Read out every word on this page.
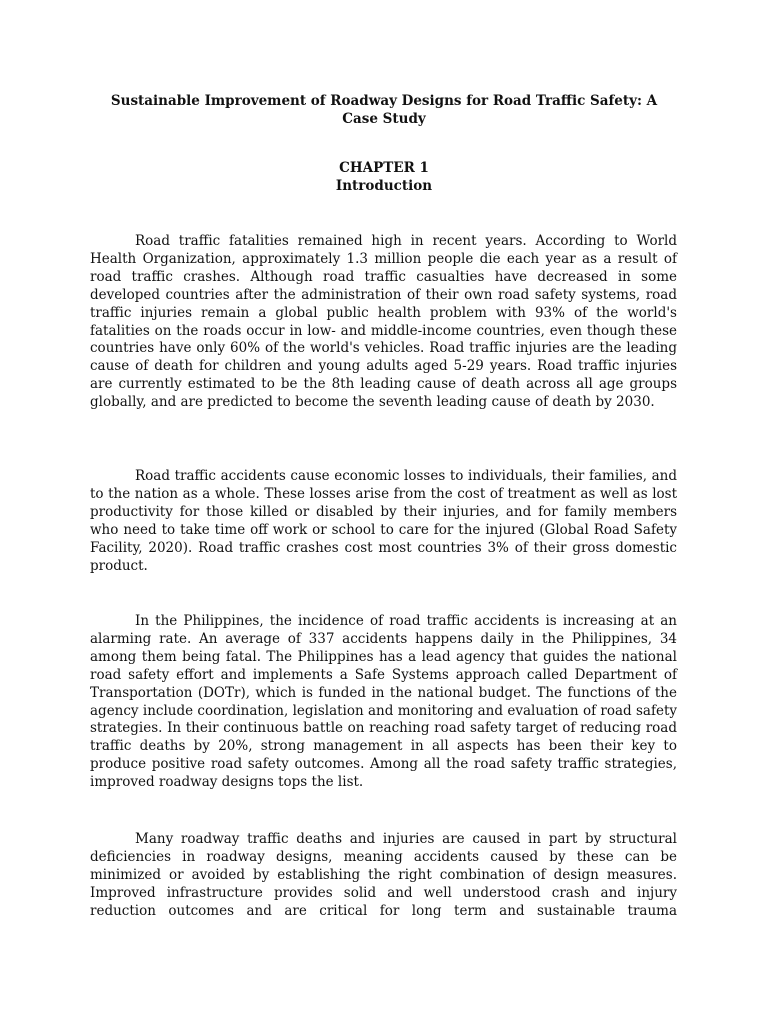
Sustainable Improvement of Roadway Designs for Road Traffic Safety: A Case Study
CHAPTER 1
Introduction

Road traffic fatalities remained high in recent years. According to World Health Organization, approximately 1.3 million people die each year as a result of road traffic crashes. Although road traffic casualties have decreased in some developed countries after the administration of their own road safety systems, road traffic injuries remain a global public health problem with 93% of the world's fatalities on the roads occur in low- and middle-income countries, even though these countries have only 60% of the world's vehicles. Road traffic injuries are the leading cause of death for children and young adults aged 5-29 years. Road traffic injuries are currently estimated to be the 8th leading cause of death across all age groups globally, and are predicted to become the seventh leading cause of death by 2030.

Road traffic accidents cause economic losses to individuals, their families, and to the nation as a whole. These losses arise from the cost of treatment as well as lost productivity for those killed or disabled by their injuries, and for family members who need to take time off work or school to care for the injured (Global Road Safety Facility, 2020). Road traffic crashes cost most countries 3% of their gross domestic product.

In the Philippines, the incidence of road traffic accidents is increasing at an alarming rate. An average of 337 accidents happens daily in the Philippines, 34 among them being fatal. The Philippines has a lead agency that guides the national road safety effort and implements a Safe Systems approach called Department of Transportation (DOTr), which is funded in the national budget. The functions of the agency include coordination, legislation and monitoring and evaluation of road safety strategies. In their continuous battle on reaching road safety target of reducing road traffic deaths by 20%, strong management in all aspects has been their key to produce positive road safety outcomes. Among all the road safety traffic strategies, improved roadway designs tops the list.

Many roadway traffic deaths and injuries are caused in part by structural deficiencies in roadway designs, meaning accidents caused by these can be minimized or avoided by establishing the right combination of design measures. Improved infrastructure provides solid and well understood crash and injury reduction outcomes and are critical for long term and sustainable trauma
